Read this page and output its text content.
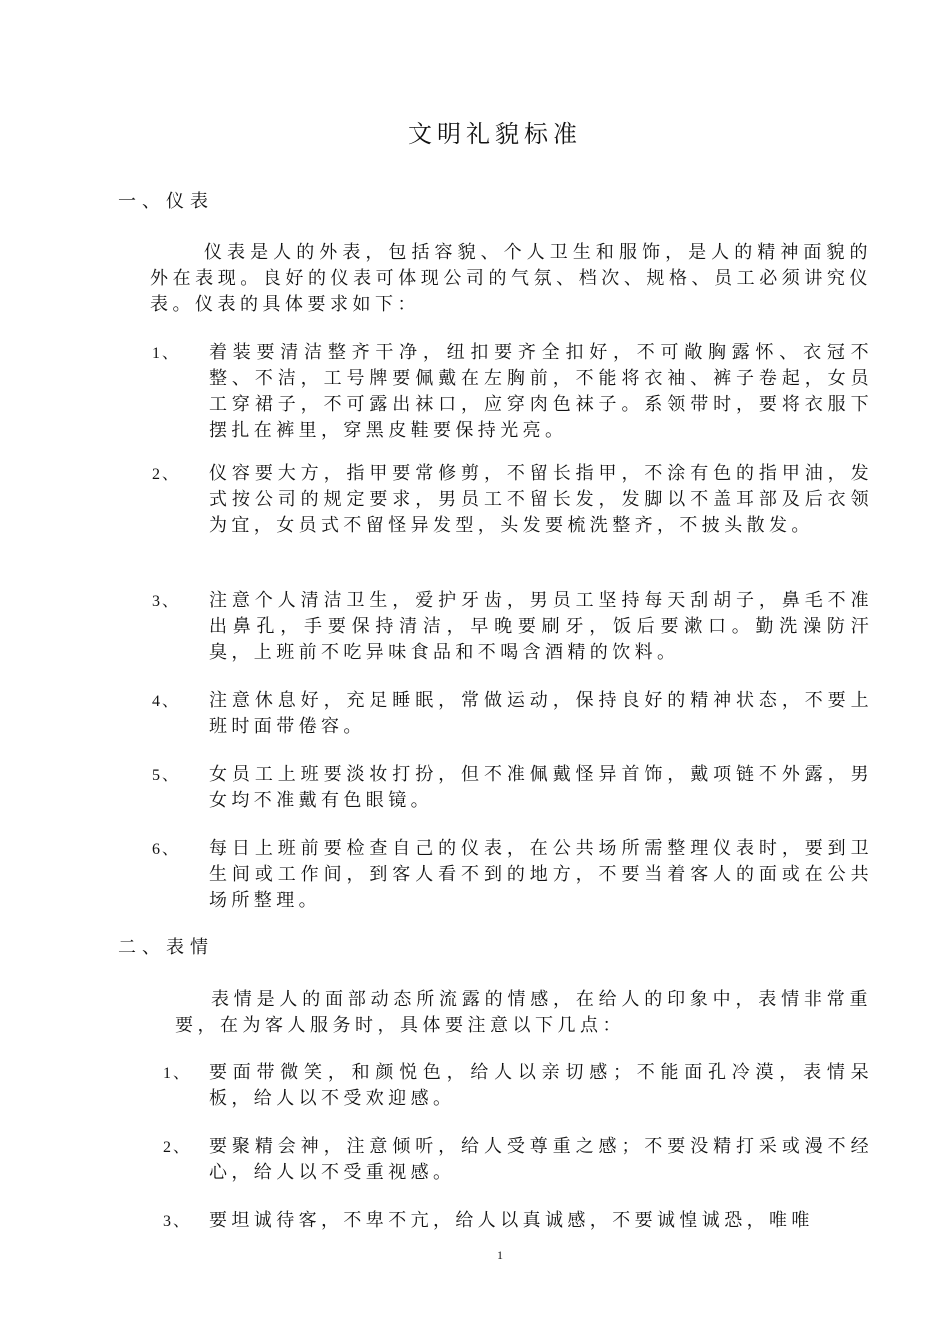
文明礼貌标准
一、仪表
仪表是人的外表，包括容貌、个人卫生和服饰，是人的精神面貌的外在表现。良好的仪表可体现公司的气氛、档次、规格、员工必须讲究仪表。仪表的具体要求如下：
1、 着装要清洁整齐干净，纽扣要齐全扣好，不可敞胸露怀、衣冠不整、不洁，工号牌要佩戴在左胸前，不能将衣袖、裤子卷起，女员工穿裙子，不可露出袜口，应穿肉色袜子。系领带时，要将衣服下摆扎在裤里，穿黑皮鞋要保持光亮。
2、 仪容要大方，指甲要常修剪，不留长指甲，不涂有色的指甲油，发式按公司的规定要求，男员工不留长发，发脚以不盖耳部及后衣领为宜，女员式不留怪异发型，头发要梳洗整齐，不披头散发。
3、 注意个人清洁卫生，爱护牙齿，男员工坚持每天刮胡子，鼻毛不准出鼻孔，手要保持清洁，早晚要刷牙，饭后要漱口。勤洗澡防汗臭，上班前不吃异味食品和不喝含酒精的饮料。
4、 注意休息好，充足睡眠，常做运动，保持良好的精神状态，不要上班时面带倦容。
5、 女员工上班要淡妆打扮，但不准佩戴怪异首饰，戴项链不外露，男女均不准戴有色眼镜。
6、 每日上班前要检查自己的仪表，在公共场所需整理仪表时，要到卫生间或工作间，到客人看不到的地方，不要当着客人的面或在公共场所整理。
二、表情
表情是人的面部动态所流露的情感，在给人的印象中，表情非常重要，在为客人服务时，具体要注意以下几点：
1、 要面带微笑，和颜悦色，给人以亲切感；不能面孔冷漠，表情呆板，给人以不受欢迎感。
2、 要聚精会神，注意倾听，给人受尊重之感；不要没精打采或漫不经心，给人以不受重视感。
3、 要坦诚待客，不卑不亢，给人以真诚感，不要诚惶诚恐，唯唯
1
